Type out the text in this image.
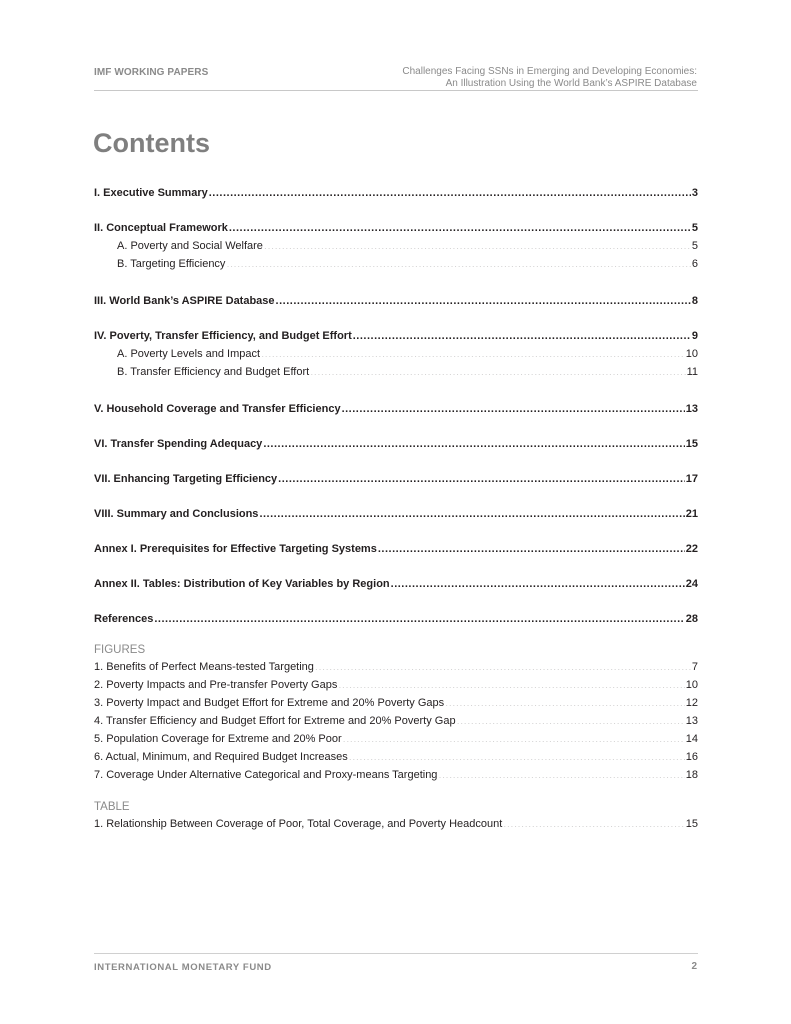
IMF WORKING PAPERS	Challenges Facing SSNs in Emerging and Developing Economies:
An Illustration Using the World Bank’s ASPIRE Database
Contents
I. Executive Summary .....	3
II. Conceptual Framework .....	5
A. Poverty and Social Welfare .....	5
B. Targeting Efficiency .....	6
III. World Bank’s ASPIRE Database .....	8
IV. Poverty, Transfer Efficiency, and Budget Effort .....	9
A. Poverty Levels and Impact .....	10
B. Transfer Efficiency and Budget Effort .....	11
V. Household Coverage and Transfer Efficiency .....	13
VI. Transfer Spending Adequacy .....	15
VII. Enhancing Targeting Efficiency .....	17
VIII. Summary and Conclusions .....	21
Annex I. Prerequisites for Effective Targeting Systems .....	22
Annex II. Tables: Distribution of Key Variables by Region .....	24
References .....	28
FIGURES
1. Benefits of Perfect Means-tested Targeting .....	7
2. Poverty Impacts and Pre-transfer Poverty Gaps .....	10
3. Poverty Impact and Budget Effort for Extreme and 20% Poverty Gaps .....	12
4. Transfer Efficiency and Budget Effort for Extreme and 20% Poverty Gap .....	13
5. Population Coverage for Extreme and 20% Poor .....	14
6. Actual, Minimum, and Required Budget Increases .....	16
7. Coverage Under Alternative Categorical and Proxy-means Targeting .....	18
TABLE
1. Relationship Between Coverage of Poor, Total Coverage, and Poverty Headcount .....	15
INTERNATIONAL MONETARY FUND	2
